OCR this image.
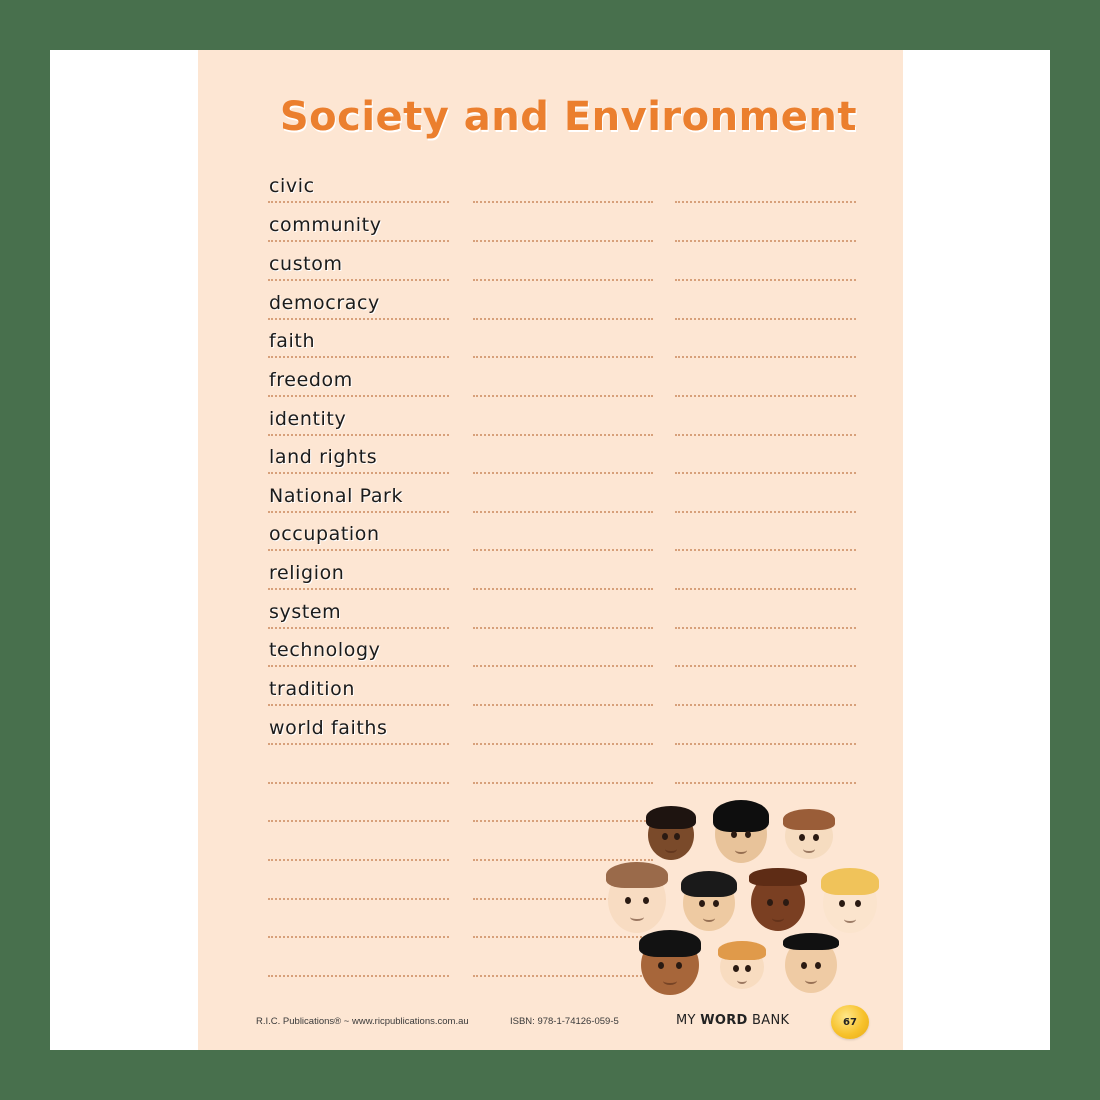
Society and Environment
civic
community
custom
democracy
faith
freedom
identity
land rights
National Park
occupation
religion
system
technology
tradition
world faiths
R.I.C. Publications® ~ www.ricpublications.com.au	ISBN: 978-1-74126-059-5	MY WORD BANK	67
